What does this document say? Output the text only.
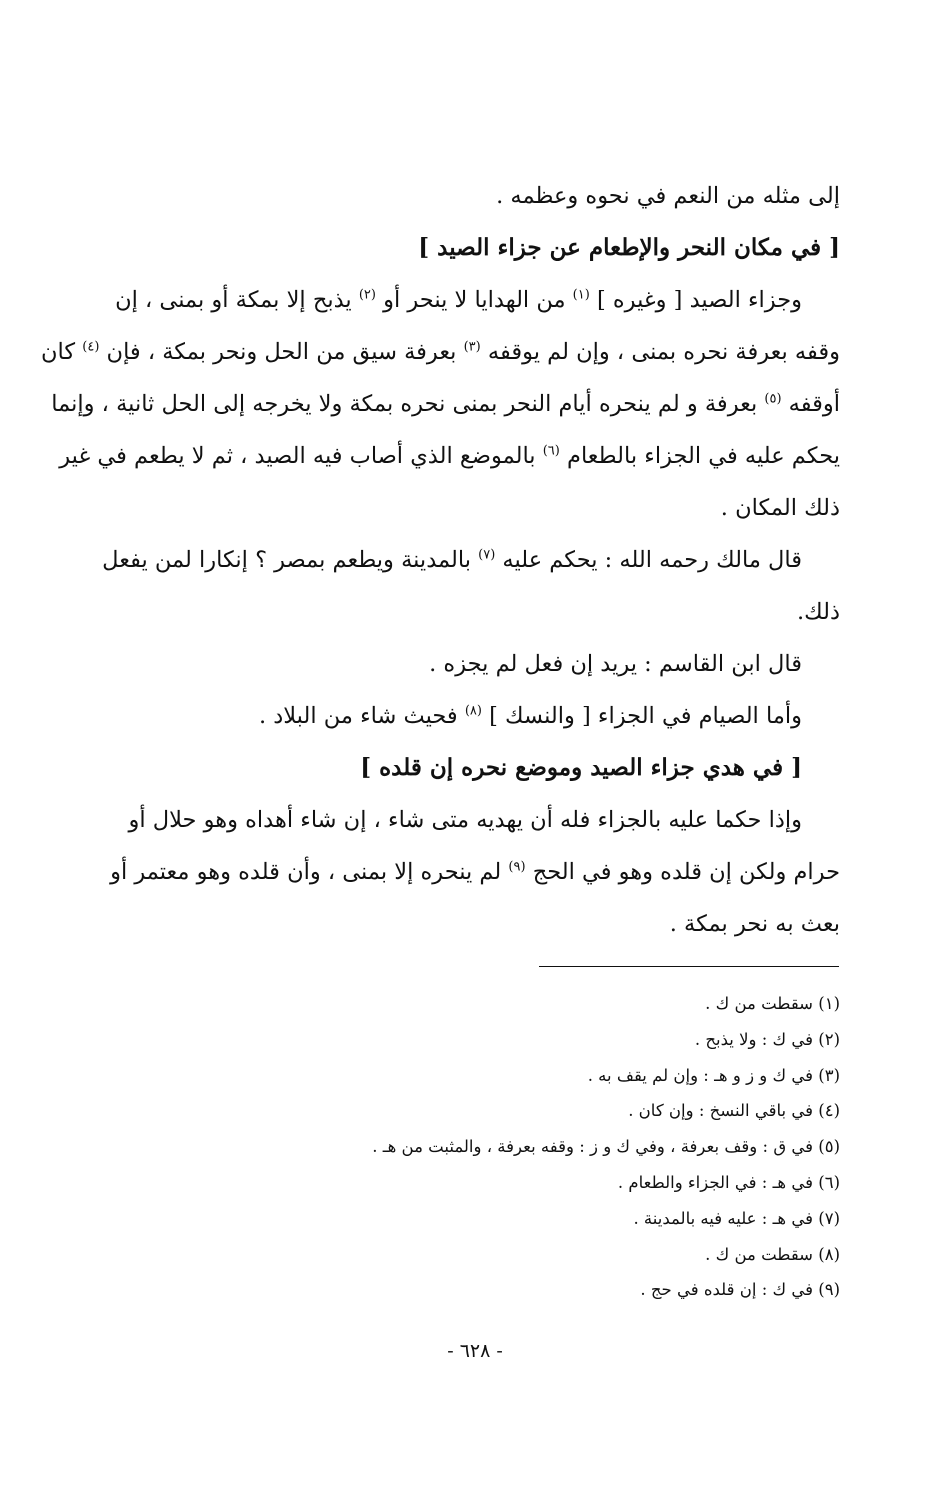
إلى مثله من النعم في نحوه وعظمه .
[ في مكان النحر والإطعام عن جزاء الصيد ]
وجزاء الصيد [ وغيره ] $^{(١)}$ من الهدايا لا ينحر أو $^{(٢)}$ يذبح إلا بمكة أو بمنى ، إن
وقفه بعرفة نحره بمنى ، وإن لم يوقفه $^{(٣)}$ بعرفة سيق من الحل ونحر بمكة ، فإن $^{(٤)}$ كان
أوقفه $^{(٥)}$ بعرفة و لم ينحره أيام النحر بمنى نحره بمكة ولا يخرجه إلى الحل ثانية ، وإنما
يحكم عليه في الجزاء بالطعام $^{(٦)}$ بالموضع الذي أصاب فيه الصيد ، ثم لا يطعم في غير
ذلك المكان .
قال مالك رحمه الله : يحكم عليه $^{(٧)}$ بالمدينة ويطعم بمصر ؟ إنكارا لمن يفعل
ذلك.
قال ابن القاسم : يريد إن فعل لم يجزه .
وأما الصيام في الجزاء [ والنسك ] $^{(٨)}$ فحيث شاء من البلاد .
[ في هدي جزاء الصيد وموضع نحره إن قلده ]
وإذا حكما عليه بالجزاء فله أن يهديه متى شاء ، إن شاء أهداه وهو حلال أو
حرام ولكن إن قلده وهو في الحج $^{(٩)}$ لم ينحره إلا بمنى ، وأن قلده وهو معتمر أو
بعث به نحر بمكة .
(١) سقطت من ك .
(٢) في ك : ولا يذبح .
(٣) في ك و ز و هـ : وإن لم يقف به .
(٤) في باقي النسخ : وإن كان .
(٥) في ق : وقف بعرفة ، وفي ك و ز : وقفه بعرفة ، والمثبت من هـ .
(٦) في هـ : في الجزاء والطعام .
(٧) في هـ : عليه فيه بالمدينة .
(٨) سقطت من ك .
(٩) في ك : إن قلده في حج .
- ٦٢٨ -
